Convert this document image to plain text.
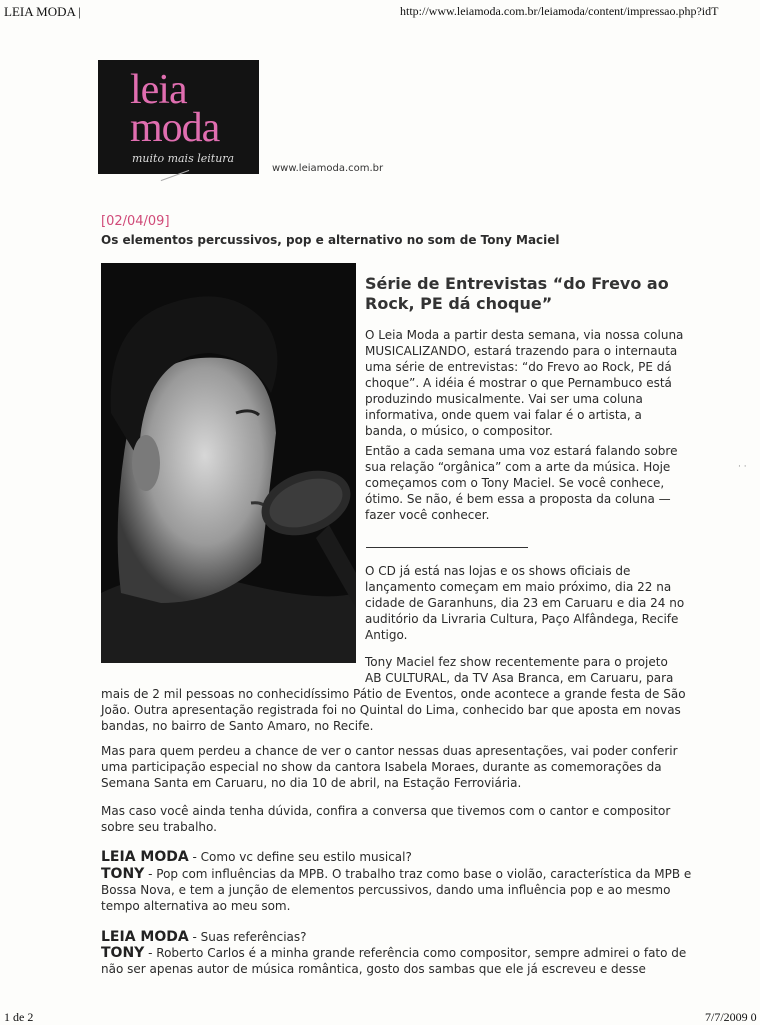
LEIA MODA |	http://www.leiamoda.com.br/leiamoda/content/impressao.php?idT
leia
moda
muito mais leitura
www.leiamoda.com.br
[02/04/09]
Os elementos percussivos, pop e alternativo no som de Tony Maciel
Série de Entrevistas “do Frevo ao Rock, PE dá choque”
O Leia Moda a partir desta semana, via nossa coluna MUSICALIZANDO, estará trazendo para o internauta uma série de entrevistas: “do Frevo ao Rock, PE dá choque”. A idéia é mostrar o que Pernambuco está produzindo musicalmente. Vai ser uma coluna informativa, onde quem vai falar é o artista, a banda, o músico, o compositor.
Então a cada semana uma voz estará falando sobre sua relação “orgânica” com a arte da música. Hoje começamos com o Tony Maciel. Se você conhece, ótimo. Se não, é bem essa a proposta da coluna — fazer você conhecer.
O CD já está nas lojas e os shows oficiais de lançamento começam em maio próximo, dia 22 na cidade de Garanhuns, dia 23 em Caruaru e dia 24 no auditório da Livraria Cultura, Paço Alfândega, Recife Antigo.
Tony Maciel fez show recentemente para o projeto AB CULTURAL, da TV Asa Branca, em Caruaru, para
mais de 2 mil pessoas no conhecidíssimo Pátio de Eventos, onde acontece a grande festa de São João. Outra apresentação registrada foi no Quintal do Lima, conhecido bar que aposta em novas bandas, no bairro de Santo Amaro, no Recife.
Mas para quem perdeu a chance de ver o cantor nessas duas apresentações, vai poder conferir uma participação especial no show da cantora Isabela Moraes, durante as comemorações da Semana Santa em Caruaru, no dia 10 de abril, na Estação Ferroviária.
Mas caso você ainda tenha dúvida, confira a conversa que tivemos com o cantor e compositor sobre seu trabalho.
LEIA MODA - Como vc define seu estilo musical?
TONY - Pop com influências da MPB. O trabalho traz como base o violão, característica da MPB e Bossa Nova, e tem a junção de elementos percussivos, dando uma influência pop e ao mesmo tempo alternativa ao meu som.
LEIA MODA - Suas referências?
TONY - Roberto Carlos é a minha grande referência como compositor, sempre admirei o fato de não ser apenas autor de música romântica, gosto dos sambas que ele já escreveu e desse
· ·
1 de 2	7/7/2009 0
